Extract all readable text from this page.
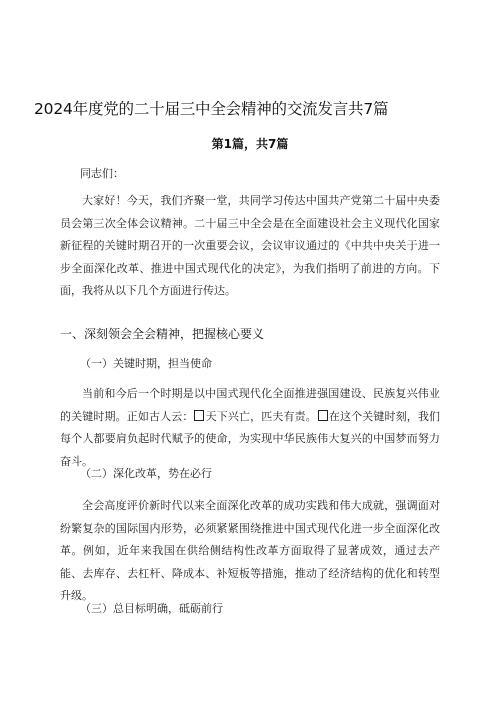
2024年度党的二十届三中全会精神的交流发言共7篇
第1篇，共7篇
同志们：

大家好！今天，我们齐聚一堂，共同学习传达中国共产党第二十届中央委员会第三次全体会议精神。二十届三中全会是在全面建设社会主义现代化国家新征程的关键时期召开的一次重要会议，会议审议通过的《中共中央关于进一步全面深化改革、推进中国式现代化的决定》，为我们指明了前进的方向。下面，我将从以下几个方面进行传达。

一、深刻领会全会精神，把握核心要义
（一）关键时期，担当使命

当前和今后一个时期是以中国式现代化全面推进强国建设、民族复兴伟业的关键时期。正如古人云： 天下兴亡，匹夫有责。 在这个关键时刻，我们每个人都要肩负起时代赋予的使命，为实现中华民族伟大复兴的中国梦而努力奋斗。

（二）深化改革，势在必行

全会高度评价新时代以来全面深化改革的成功实践和伟大成就，强调面对纷繁复杂的国际国内形势，必须紧紧围绕推进中国式现代化进一步全面深化改革。例如，近年来我国在供给侧结构性改革方面取得了显著成效，通过去产能、去库存、去杠杆、降成本、补短板等措施，推动了经济结构的优化和转型升级。

（三）总目标明确，砥砺前行
